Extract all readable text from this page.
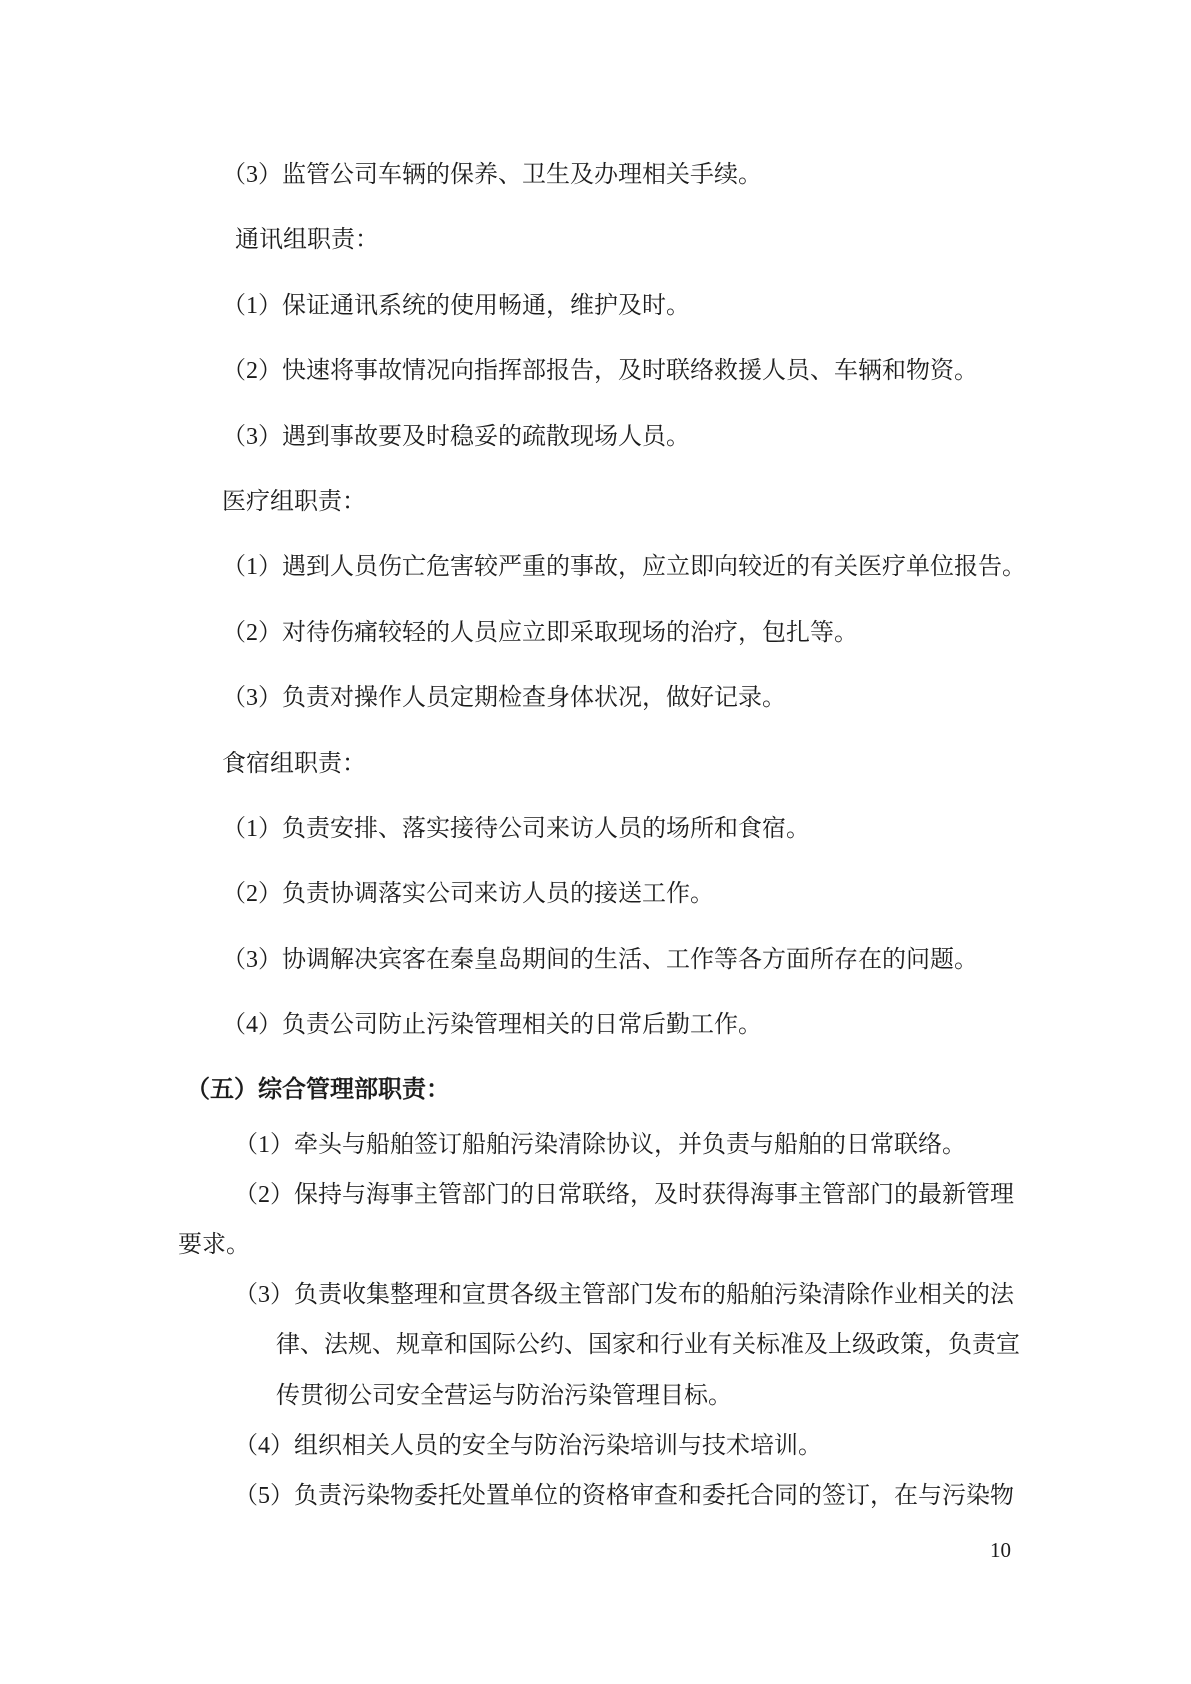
（3）监管公司车辆的保养、卫生及办理相关手续。
通讯组职责：
（1）保证通讯系统的使用畅通，维护及时。
（2）快速将事故情况向指挥部报告，及时联络救援人员、车辆和物资。
（3）遇到事故要及时稳妥的疏散现场人员。
医疗组职责：
（1）遇到人员伤亡危害较严重的事故，应立即向较近的有关医疗单位报告。
（2）对待伤痛较轻的人员应立即采取现场的治疗，包扎等。
（3）负责对操作人员定期检查身体状况，做好记录。
食宿组职责：
（1）负责安排、落实接待公司来访人员的场所和食宿。
（2）负责协调落实公司来访人员的接送工作。
（3）协调解决宾客在秦皇岛期间的生活、工作等各方面所存在的问题。
（4）负责公司防止污染管理相关的日常后勤工作。
（五）综合管理部职责：
（1）牵头与船舶签订船舶污染清除协议，并负责与船舶的日常联络。
（2）保持与海事主管部门的日常联络，及时获得海事主管部门的最新管理
要求。
（3）负责收集整理和宣贯各级主管部门发布的船舶污染清除作业相关的法
律、法规、规章和国际公约、国家和行业有关标准及上级政策，负责宣
传贯彻公司安全营运与防治污染管理目标。
（4）组织相关人员的安全与防治污染培训与技术培训。
（5）负责污染物委托处置单位的资格审查和委托合同的签订，在与污染物
10
